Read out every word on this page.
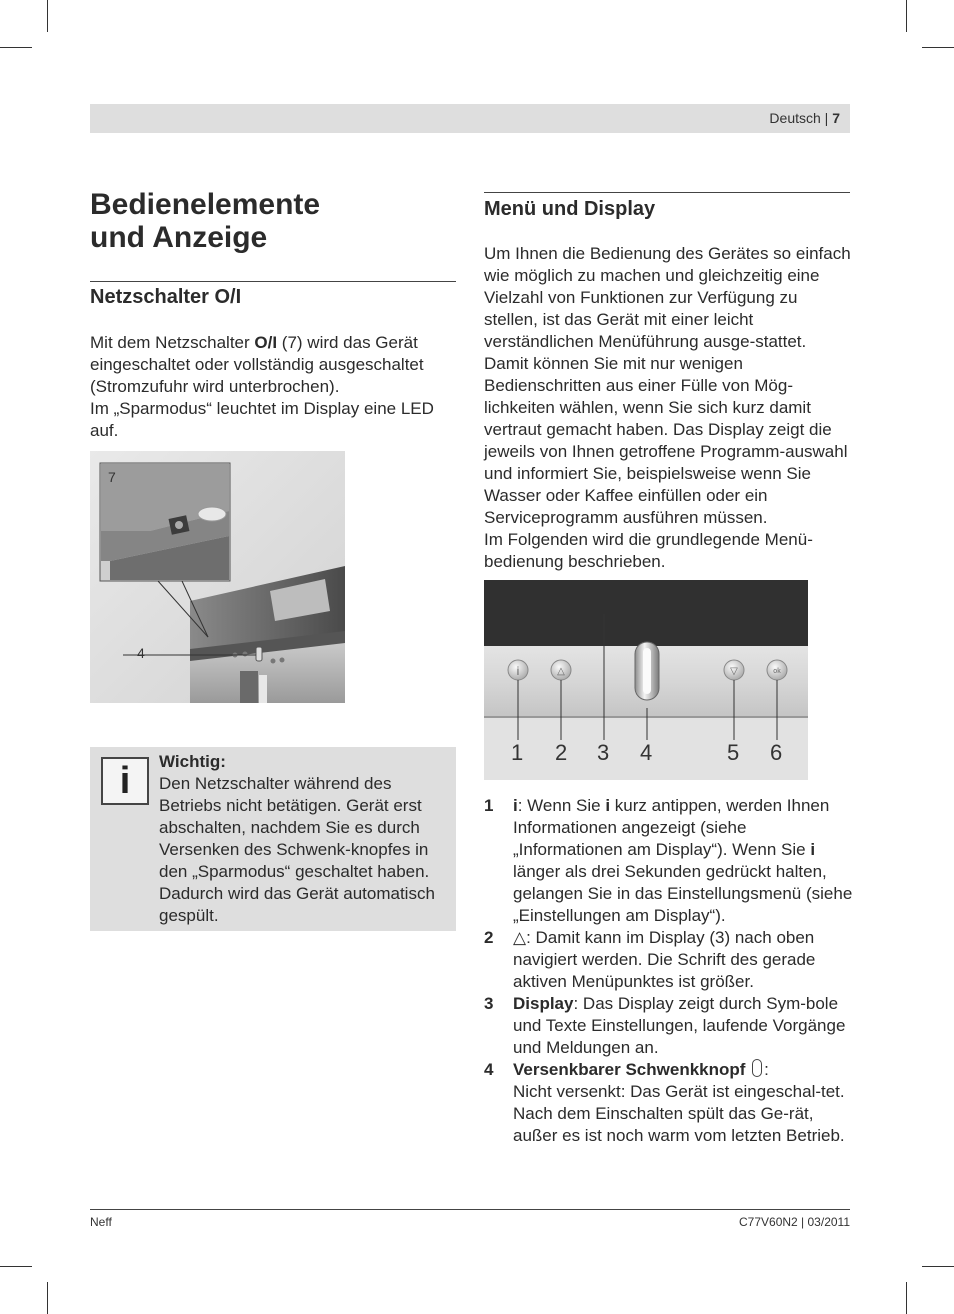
Deutsch | 7
Bedienelemente
und Anzeige
Netzschalter O/I
Mit dem Netzschalter O/I (7) wird das Gerät eingeschaltet oder vollständig ausgeschaltet (Stromzufuhr wird unterbrochen).
Im „Sparmodus“ leuchtet im Display eine LED auf.
7
4
i	Wichtig:
Den Netzschalter während des Betriebs nicht betätigen. Gerät erst abschalten, nachdem Sie es durch Versenken des Schwenk-knopfes in den „Sparmodus“ geschaltet haben. Dadurch wird das Gerät automatisch gespült.
Menü und Display
Um Ihnen die Bedienung des Gerätes so einfach wie möglich zu machen und gleichzeitig eine Vielzahl von Funktionen zur Verfügung zu stellen, ist das Gerät mit einer leicht verständlichen Menüführung ausge-stattet. Damit können Sie mit nur wenigen Bedienschritten aus einer Fülle von Mög-lichkeiten wählen, wenn Sie sich kurz damit vertraut gemacht haben. Das Display zeigt die jeweils von Ihnen getroffene Programm-auswahl und informiert Sie, beispielsweise wenn Sie Wasser oder Kaffee einfüllen oder ein Serviceprogramm ausführen müssen.
Im Folgenden wird die grundlegende Menü-bedienung beschrieben.
i	△	▽	ok
1 2 3 4	5 6
1 i: Wenn Sie i kurz antippen, werden Ihnen Informationen angezeigt (siehe „Informationen am Display“). Wenn Sie i länger als drei Sekunden gedrückt halten, gelangen Sie in das Einstellungsmenü (siehe „Einstellungen am Display“).
2 △: Damit kann im Display (3) nach oben navigiert werden. Die Schrift des gerade aktiven Menüpunktes ist größer.
3 Display: Das Display zeigt durch Sym-bole und Texte Einstellungen, laufende Vorgänge und Meldungen an.
4 Versenkbarer Schwenkknopf :
Nicht versenkt: Das Gerät ist eingeschal-tet. Nach dem Einschalten spült das Ge-rät, außer es ist noch warm vom letzten Betrieb.
Neff	C77V60N2 | 03/2011
